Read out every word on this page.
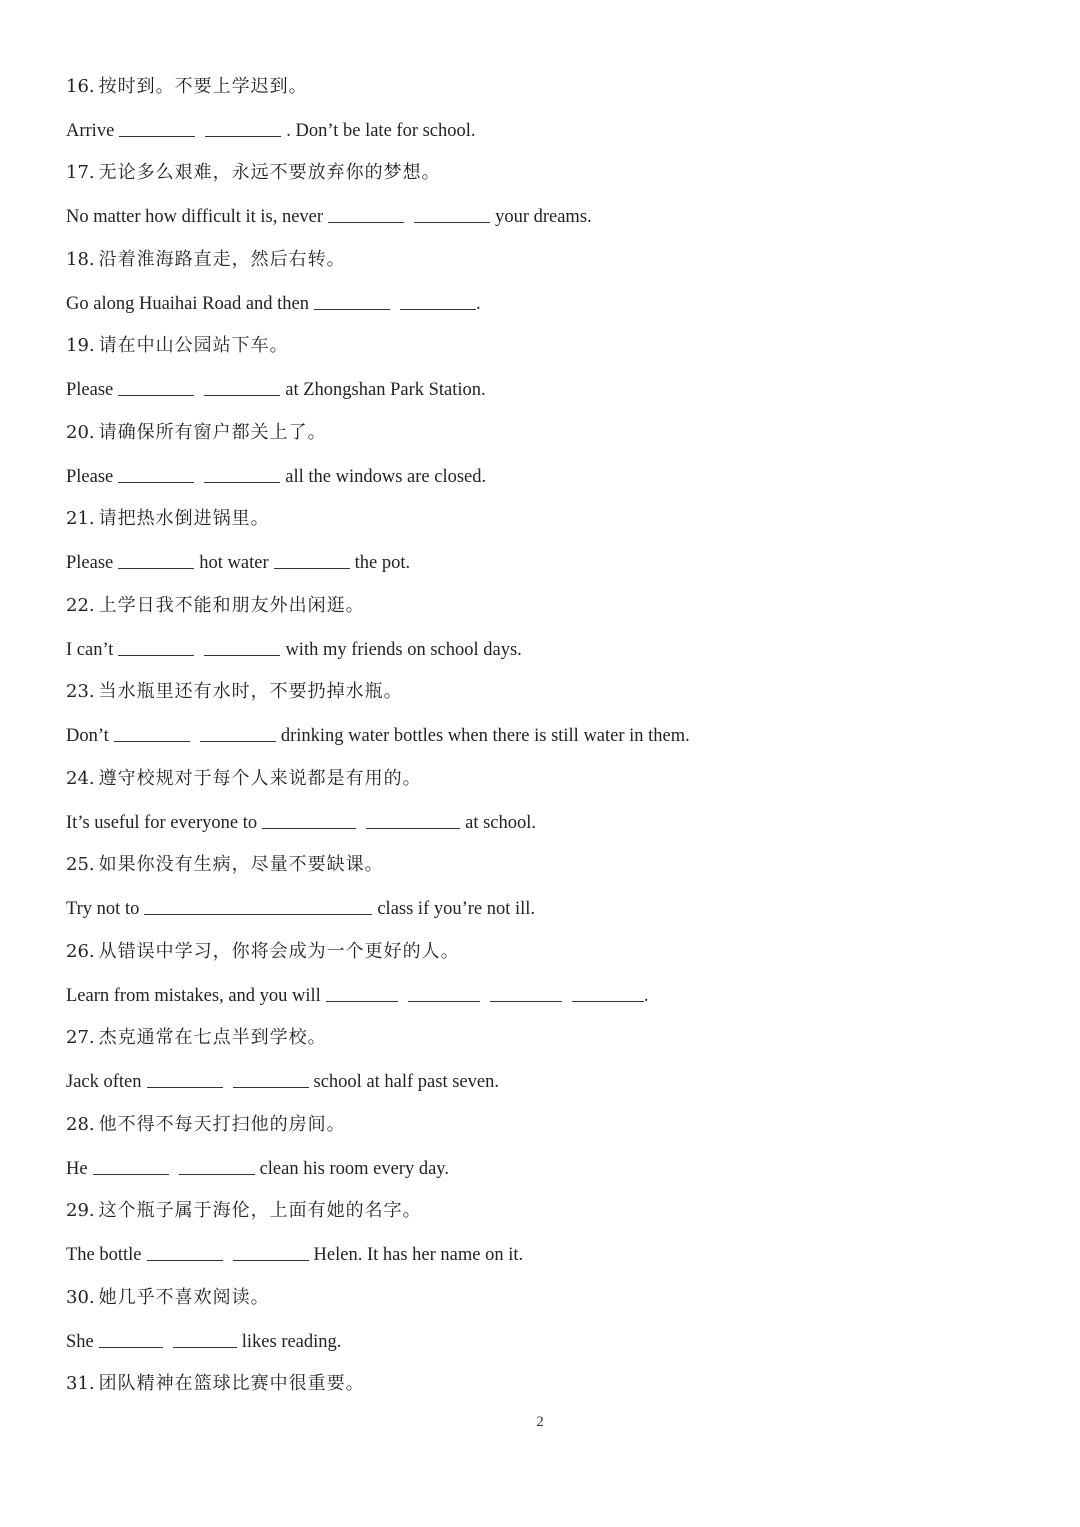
16. 按时到。不要上学迟到。
Arrive	. Don’t be late for school.
17. 无论多么艰难，永远不要放弃你的梦想。
No matter how difficult it is, never	your dreams.
18. 沿着淮海路直走，然后右转。
Go along Huaihai Road and then	.
19. 请在中山公园站下车。
Please	at Zhongshan Park Station.
20. 请确保所有窗户都关上了。
Please	all the windows are closed.
21. 请把热水倒进锅里。
Please	hot water	the pot.
22. 上学日我不能和朋友外出闲逛。
I can’t	with my friends on school days.
23. 当水瓶里还有水时，不要扔掉水瓶。
Don’t	drinking water bottles when there is still water in them.
24. 遵守校规对于每个人来说都是有用的。
It’s useful for everyone to	at school.
25. 如果你没有生病，尽量不要缺课。
Try not to	class if you’re not ill.
26. 从错误中学习，你将会成为一个更好的人。
Learn from mistakes, and you will	.
27. 杰克通常在七点半到学校。
Jack often	school at half past seven.
28. 他不得不每天打扫他的房间。
He	clean his room every day.
29. 这个瓶子属于海伦，上面有她的名字。
The bottle	Helen. It has her name on it.
30. 她几乎不喜欢阅读。
She	likes reading.
31. 团队精神在篮球比赛中很重要。
2
